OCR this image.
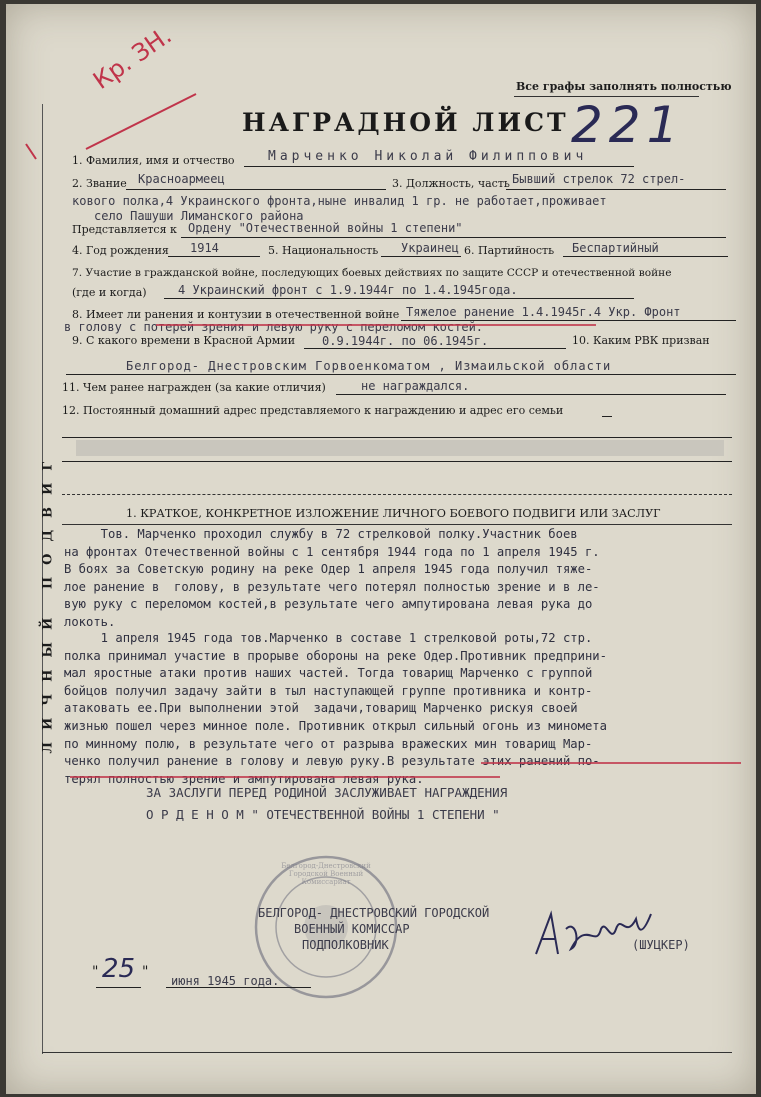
Кр. ЗН.	Все графы заполнять полностью
НАГРАДНОЙ ЛИСТ 221
1. Фамилия, имя и отчество	Марченко Николай Филиппович
2. Звание Красноармеец	3. Должность, часть Бывший стрелок 72 стрел-
кового полка,4 Украинского фронта,ныне инвалид 1 гр. не работает,проживает
село Пашуши Лиманского района
Представляется к Ордену "Отечественной войны 1 степени"
4. Год рождения 1914	5. Национальность Украинец 6. Партийность Беспартийный
7. Участие в гражданской войне, последующих боевых действиях по защите СССР и отечественной войне
(где и когда)	4 Украинский фронт с 1.9.1944г по 1.4.1945года.
8. Имеет ли ранения и контузии в отечественной войне Тяжелое ранение 1.4.1945г.4 Укр. Фронт
в голову с потерей зрения и левую руку с переломом костей.
9. С какого времени в Красной Армии 0.9.1944г. по 06.1945г.	10. Каким РВК призван
Белгород- Днестровским Горвоенкоматом , Измаильской области
11. Чем ранее награжден (за какие отличия)	не награждался.
12. Постоянный домашний адрес представляемого к награждению и адрес его семьи
ЛИЧНЫЙ ПОДВИГ	1. КРАТКОЕ, КОНКРЕТНОЕ ИЗЛОЖЕНИЕ ЛИЧНОГО БОЕВОГО ПОДВИГИ ИЛИ ЗАСЛУГ
Тов. Марченко проходил службу в 72 стрелковой полку.Участник боев
на фронтах Отечественной войны с 1 сентября 1944 года по 1 апреля 1945 г.
В боях за Советскую родину на реке Одер 1 апреля 1945 года получил тяже-
лое ранение в  голову, в результате чего потерял полностью зрение и в ле-
вую руку с переломом костей,в результате чего ампутирована левая рука до
локоть.
1 апреля 1945 года тов.Марченко в составе 1 стрелковой роты,72 стр.
полка принимал участие в прорыве обороны на реке Одер.Противник предприни-
мал яростные атаки против наших частей. Тогда товарищ Марченко с группой
бойцов получил задачу зайти в тыл наступающей группе противника и контр-
атаковать ее.При выполнении этой  задачи,товарищ Марченко рискуя своей
жизнью пошел через минное поле. Противник открыл сильный огонь из миномета
по минному полю, в результате чего от разрыва вражеских мин товарищ Мар-
ченко получил ранение в голову и левую руку.В результате этих ранений по-
терял полностью зрение и ампутирована левая рука.
ЗА ЗАСЛУГИ ПЕРЕД РОДИНОЙ ЗАСЛУЖИВАЕТ НАГРАЖДЕНИЯ
О Р Д Е Н О М " ОТЕЧЕСТВЕННОЙ ВОЙНЫ 1 СТЕПЕНИ "
Белгород-Днестровский Городской Военный Комиссариат
БЕЛГОРОД- ДНЕСТРОВСКИЙ ГОРОДСКОЙ
ВОЕННЫЙ КОМИССАР
ПОДПОЛКОВНИК	(ШУЦКЕР)
25
"	"
июня 1945 года.
